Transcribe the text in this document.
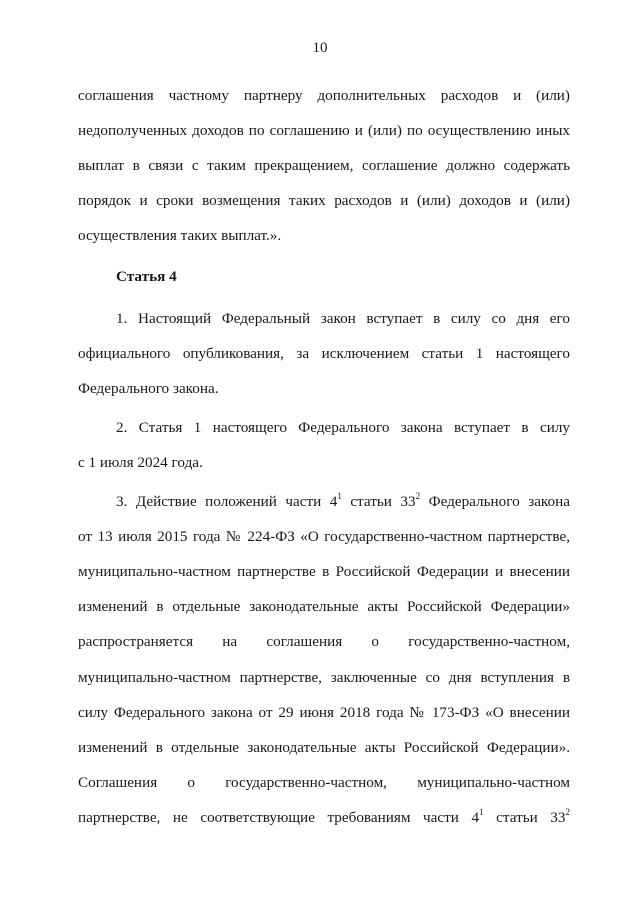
10
соглашения частному партнеру дополнительных расходов и (или)
недополученных доходов по соглашению и (или) по осуществлению иных
выплат в связи с таким прекращением, соглашение должно содержать
порядок и сроки возмещения таких расходов и (или) доходов и (или)
осуществления таких выплат.».
Статья 4
1. Настоящий Федеральный закон вступает в силу со дня его
официального опубликования, за исключением статьи 1 настоящего
Федерального закона.
2. Статья 1 настоящего Федерального закона вступает в силу
с 1 июля 2024 года.
3. Действие положений части $4^1$ статьи $33^2$ Федерального закона
от 13 июля 2015 года № 224-ФЗ «О государственно-частном партнерстве,
муниципально-частном партнерстве в Российской Федерации и внесении
изменений в отдельные законодательные акты Российской Федерации»
распространяется на соглашения о государственно-частном,
муниципально-частном партнерстве, заключенные со дня вступления в
силу Федерального закона от 29 июня 2018 года № 173-ФЗ «О внесении
изменений в отдельные законодательные акты Российской Федерации».
Соглашения о государственно-частном, муниципально-частном
партнерстве, не соответствующие требованиям части $4^1$ статьи $33^2$
